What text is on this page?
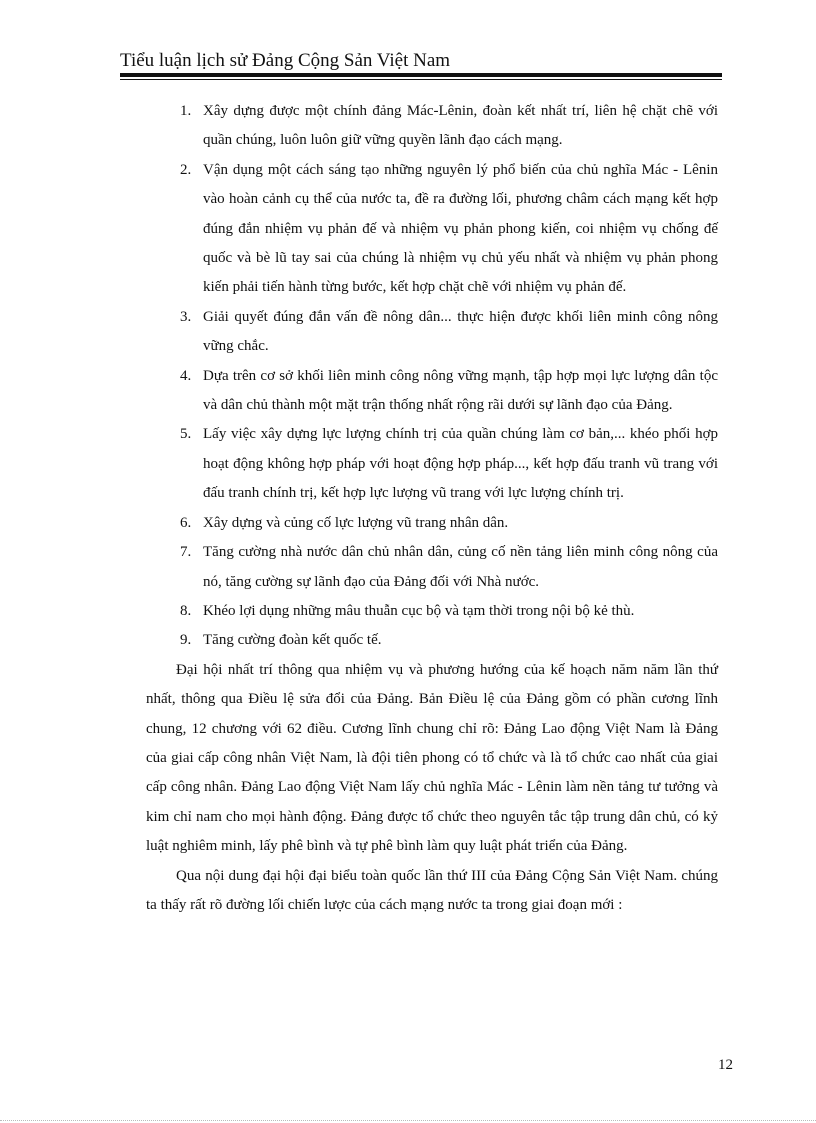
Tiểu luận lịch sử Đảng Cộng Sản Việt Nam
1. Xây dựng được một chính đảng Mác-Lênin, đoàn kết nhất trí, liên hệ chặt chẽ với quần chúng, luôn luôn giữ vững quyền lãnh đạo cách mạng.
2. Vận dụng một cách sáng tạo những nguyên lý phổ biến của chủ nghĩa Mác - Lênin vào hoàn cảnh cụ thể của nước ta, đề ra đường lối, phương châm cách mạng kết hợp đúng đắn nhiệm vụ phản đế và nhiệm vụ phản phong kiến, coi nhiệm vụ chống đế quốc và bè lũ tay sai của chúng là nhiệm vụ chủ yếu nhất và nhiệm vụ phản phong kiến phải tiến hành từng bước, kết hợp chặt chẽ với nhiệm vụ phản đế.
3. Giải quyết đúng đắn vấn đề nông dân... thực hiện được khối liên minh công nông vững chắc.
4. Dựa trên cơ sở khối liên minh công nông vững mạnh, tập hợp mọi lực lượng dân tộc và dân chủ thành một mặt trận thống nhất rộng rãi dưới sự lãnh đạo của Đảng.
5. Lấy việc xây dựng lực lượng chính trị của quần chúng làm cơ bản,... khéo phối hợp hoạt động không hợp pháp với hoạt động hợp pháp..., kết hợp đấu tranh vũ trang với đấu tranh chính trị, kết hợp lực lượng vũ trang với lực lượng chính trị.
6. Xây dựng và củng cố lực lượng vũ trang nhân dân.
7. Tăng cường nhà nước dân chủ nhân dân, củng cố nền tảng liên minh công nông của nó, tăng cường sự lãnh đạo của Đảng đối với Nhà nước.
8. Khéo lợi dụng những mâu thuẫn cục bộ và tạm thời trong nội bộ kẻ thù.
9. Tăng cường đoàn kết quốc tế.

Đại hội nhất trí thông qua nhiệm vụ và phương hướng của kế hoạch năm năm lần thứ nhất, thông qua Điều lệ sửa đổi của Đảng. Bản Điều lệ của Đảng gồm có phần cương lĩnh chung, 12 chương với 62 điều. Cương lĩnh chung chỉ rõ: Đảng Lao động Việt Nam là Đảng của giai cấp công nhân Việt Nam, là đội tiên phong có tổ chức và là tổ chức cao nhất của giai cấp công nhân. Đảng Lao động Việt Nam lấy chủ nghĩa Mác - Lênin làm nền tảng tư tưởng và kim chỉ nam cho mọi hành động. Đảng được tổ chức theo nguyên tắc tập trung dân chủ, có kỷ luật nghiêm minh, lấy phê bình và tự phê bình làm quy luật phát triển của Đảng.

Qua nội dung đại hội đại biểu toàn quốc lần thứ III của Đảng Cộng Sản Việt Nam. chúng ta thấy rất rõ đường lối chiến lược của cách mạng nước ta trong giai đoạn mới :

12
